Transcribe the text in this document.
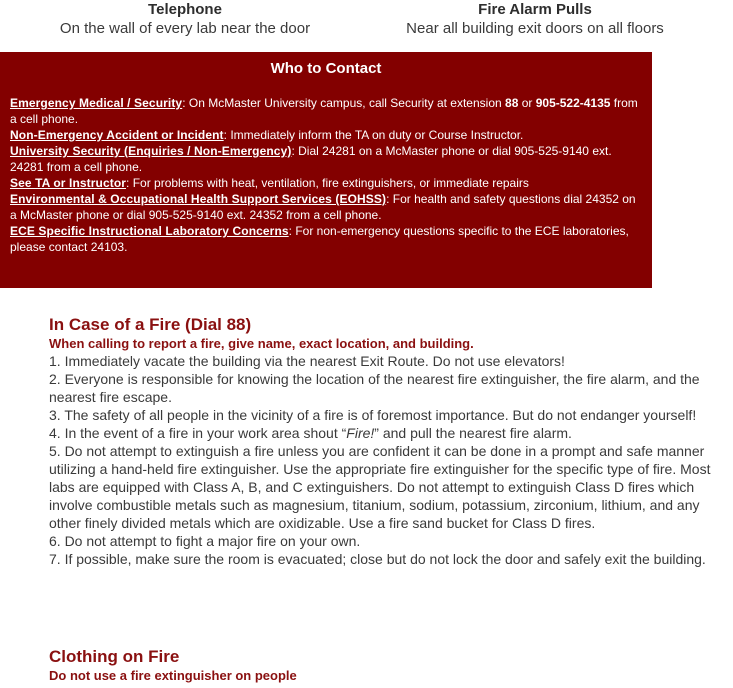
Telephone
On the wall of every lab near the door
Fire Alarm Pulls
Near all building exit doors on all floors
Who to Contact

Emergency Medical / Security: On McMaster University campus, call Security at extension 88 or 905-522-4135 from a cell phone.

Non-Emergency Accident or Incident: Immediately inform the TA on duty or Course Instructor.

University Security (Enquiries / Non-Emergency): Dial 24281 on a McMaster phone or dial 905-525-9140 ext. 24281 from a cell phone.

See TA or Instructor: For problems with heat, ventilation, fire extinguishers, or immediate repairs

Environmental & Occupational Health Support Services (EOHSS): For health and safety questions dial 24352 on a McMaster phone or dial 905-525-9140 ext. 24352 from a cell phone.

ECE Specific Instructional Laboratory Concerns: For non-emergency questions specific to the ECE laboratories, please contact 24103.

In Case of a Fire (Dial 88)
When calling to report a fire, give name, exact location, and building.
1. Immediately vacate the building via the nearest Exit Route. Do not use elevators!
2. Everyone is responsible for knowing the location of the nearest fire extinguisher, the fire alarm, and the nearest fire escape.
3. The safety of all people in the vicinity of a fire is of foremost importance. But do not endanger yourself!
4. In the event of a fire in your work area shout “Fire!” and pull the nearest fire alarm.
5. Do not attempt to extinguish a fire unless you are confident it can be done in a prompt and safe manner utilizing a hand-held fire extinguisher. Use the appropriate fire extinguisher for the specific type of fire. Most labs are equipped with Class A, B, and C extinguishers. Do not attempt to extinguish Class D fires which involve combustible metals such as magnesium, titanium, sodium, potassium, zirconium, lithium, and any other finely divided metals which are oxidizable. Use a fire sand bucket for Class D fires.
6. Do not attempt to fight a major fire on your own.
7. If possible, make sure the room is evacuated; close but do not lock the door and safely exit the building.
Clothing on Fire
Do not use a fire extinguisher on people
